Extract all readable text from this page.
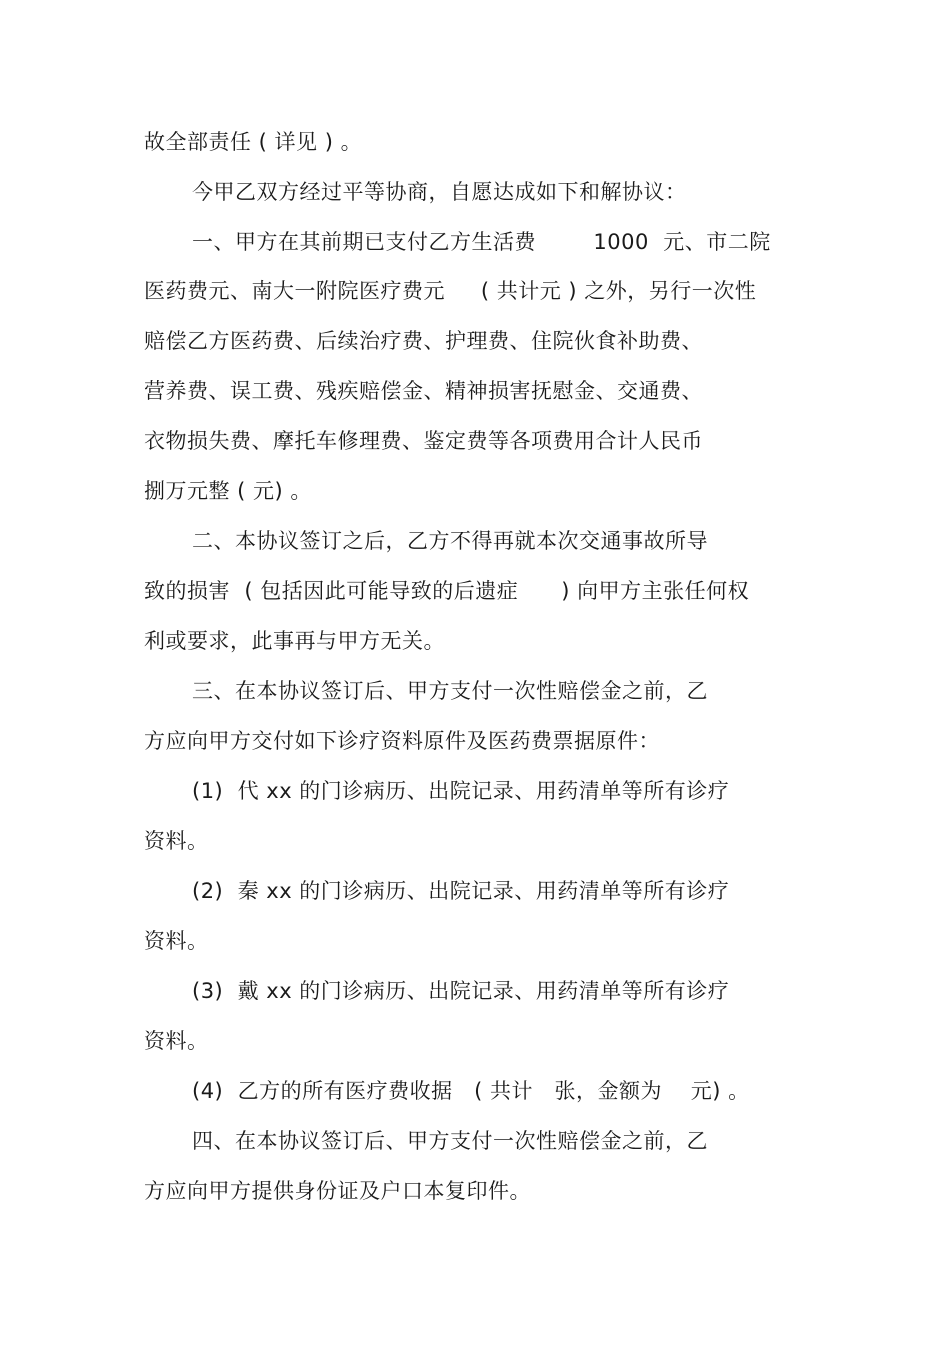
故全部责任 ( 详见 ) 。
今甲乙双方经过平等协商，自愿达成如下和解协议：
一、甲方在其前期已支付乙方生活费        1000  元、市二院
医药费元、南大一附院医疗费元     ( 共计元 ) 之外，另行一次性
赔偿乙方医药费、后续治疗费、护理费、住院伙食补助费、
营养费、误工费、残疾赔偿金、精神损害抚慰金、交通费、
衣物损失费、摩托车修理费、鉴定费等各项费用合计人民币
捌万元整 ( 元) 。
二、本协议签订之后，乙方不得再就本次交通事故所导
致的损害  ( 包括因此可能导致的后遗症      ) 向甲方主张任何权
利或要求，此事再与甲方无关。
三、在本协议签订后、甲方支付一次性赔偿金之前，乙
方应向甲方交付如下诊疗资料原件及医药费票据原件：
(1)  代 xx 的门诊病历、出院记录、用药清单等所有诊疗
资料。
(2)  秦 xx 的门诊病历、出院记录、用药清单等所有诊疗
资料。
(3)  戴 xx 的门诊病历、出院记录、用药清单等所有诊疗
资料。
(4)  乙方的所有医疗费收据   ( 共计   张，金额为    元) 。
四、在本协议签订后、甲方支付一次性赔偿金之前，乙
方应向甲方提供身份证及户口本复印件。
